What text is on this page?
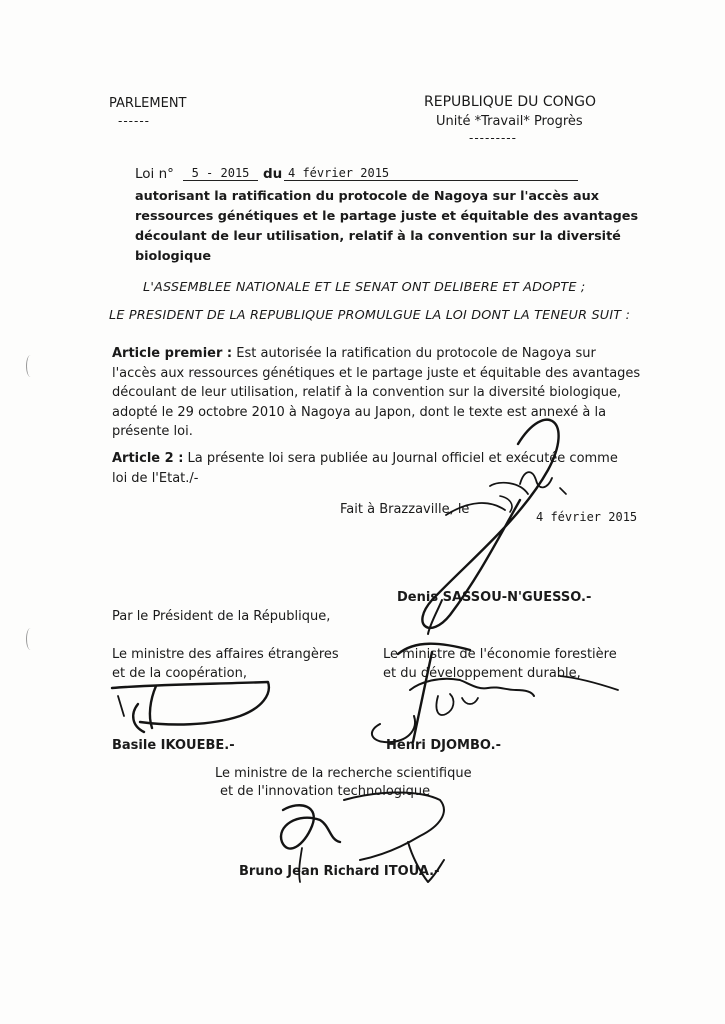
PARLEMENT
------
REPUBLIQUE DU CONGO
Unité *Travail* Progrès
---------
Loi n°	5 - 2015	du 4 février 2015
autorisant la ratification du protocole de Nagoya sur l'accès aux
ressources génétiques et le partage juste et équitable des avantages
découlant de leur utilisation, relatif à la convention sur la diversité
biologique
L'ASSEMBLEE NATIONALE ET LE SENAT ONT DELIBERE ET ADOPTE ;
LE PRESIDENT DE LA REPUBLIQUE PROMULGUE LA LOI DONT LA TENEUR SUIT :
Article premier : Est autorisée la ratification du protocole de Nagoya sur
l'accès aux ressources génétiques et le partage juste et équitable des avantages
découlant de leur utilisation, relatif à la convention sur la diversité biologique,
adopté le 29 octobre 2010 à Nagoya au Japon, dont le texte est annexé à la
présente loi.
Article 2 : La présente loi sera publiée au Journal officiel et exécutée comme
loi de l'Etat./-
Fait à Brazzaville, le	4 février 2015
Denis SASSOU-N'GUESSO.-
Par le Président de la République,
Le ministre des affaires étrangères
et de la coopération,
Basile IKOUEBE.-
Le ministre de l'économie forestière
et du développement durable,
Henri DJOMBO.-
Le ministre de la recherche scientifique
et de l'innovation technologique
Bruno Jean Richard ITOUA.-
